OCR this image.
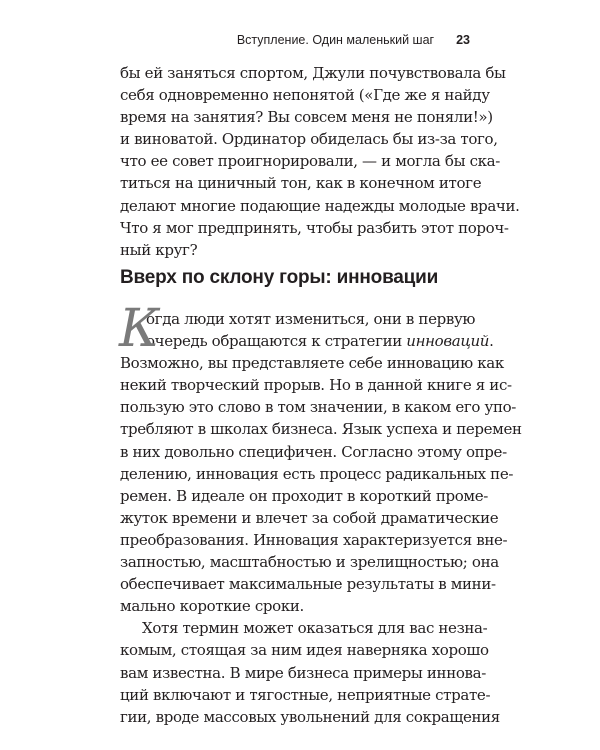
Вступление. Один маленький шаг 23
бы ей заняться спортом, Джули почувствовала бы
себя одновременно непонятой («Где же я найду
время на занятия? Вы совсем меня не поняли!»)
и виноватой. Ординатор обиделась бы из-за того,
что ее совет проигнорировали, — и могла бы ска-
титься на циничный тон, как в конечном итоге
делают многие подающие надежды молодые врачи.
Что я мог предпринять, чтобы разбить этот пороч-
ный круг?
Вверх по склону горы: инновации
К
огда люди хотят измениться, они в первую
очередь обращаются к стратегии инноваций.
Возможно, вы представляете себе инновацию как
некий творческий прорыв. Но в данной книге я ис-
пользую это слово в том значении, в каком его упо-
требляют в школах бизнеса. Язык успеха и перемен
в них довольно специфичен. Согласно этому опре-
делению, инновация есть процесс радикальных пе-
ремен. В идеале он проходит в короткий проме-
жуток времени и влечет за собой драматические
преобразования. Инновация характеризуется вне-
запностью, масштабностью и зрелищностью; она
обеспечивает максимальные результаты в мини-
мально короткие сроки.
Хотя термин может оказаться для вас незна-
комым, стоящая за ним идея наверняка хорошо
вам известна. В мире бизнеса примеры иннова-
ций включают и тягостные, неприятные страте-
гии, вроде массовых увольнений для сокращения
